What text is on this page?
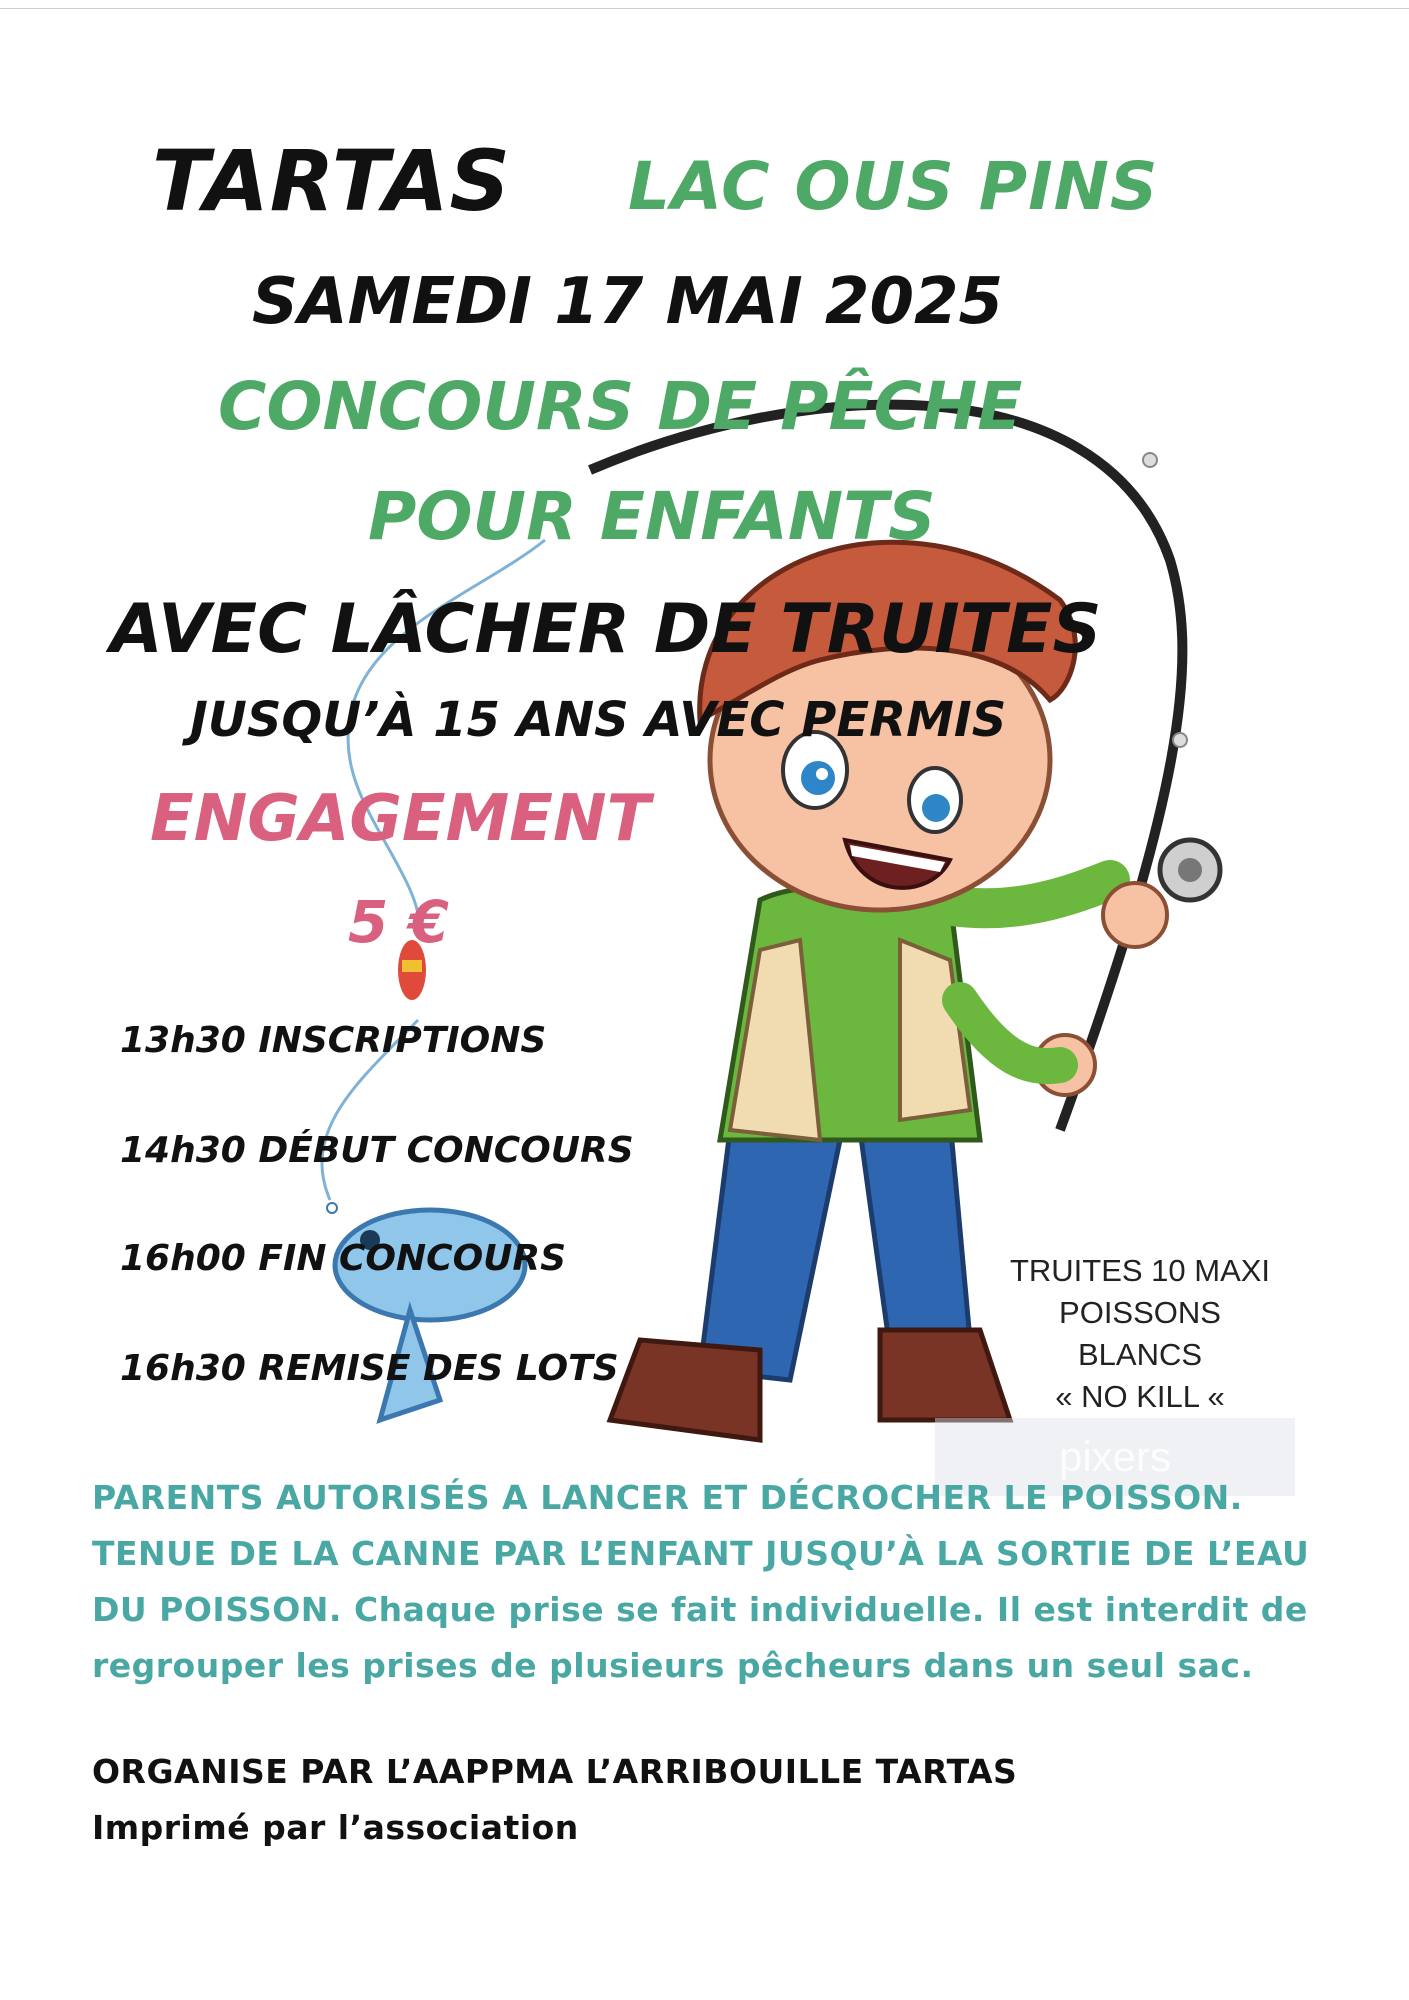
pixers

TARTAS LAC OUS PINS

SAMEDI 17 MAI 2025

CONCOURS DE PÊCHE

POUR ENFANTS

AVEC LÂCHER DE TRUITES

JUSQU’À 15 ANS AVEC PERMIS

ENGAGEMENT

5 €

13h30 INSCRIPTIONS

14h30 DÉBUT CONCOURS

16h00 FIN CONCOURS

16h30 REMISE DES LOTS

TRUITES 10 MAXI
POISSONS
BLANCS
« NO KILL «

PARENTS AUTORISÉS A LANCER ET DÉCROCHER LE POISSON. TENUE DE LA CANNE PAR L’ENFANT JUSQU’À LA SORTIE DE L’EAU DU POISSON. Chaque prise se fait individuelle. Il est interdit de regrouper les prises de plusieurs pêcheurs dans un seul sac.

ORGANISE PAR L’AAPPMA L’ARRIBOUILLE TARTAS

Imprimé par l’association
